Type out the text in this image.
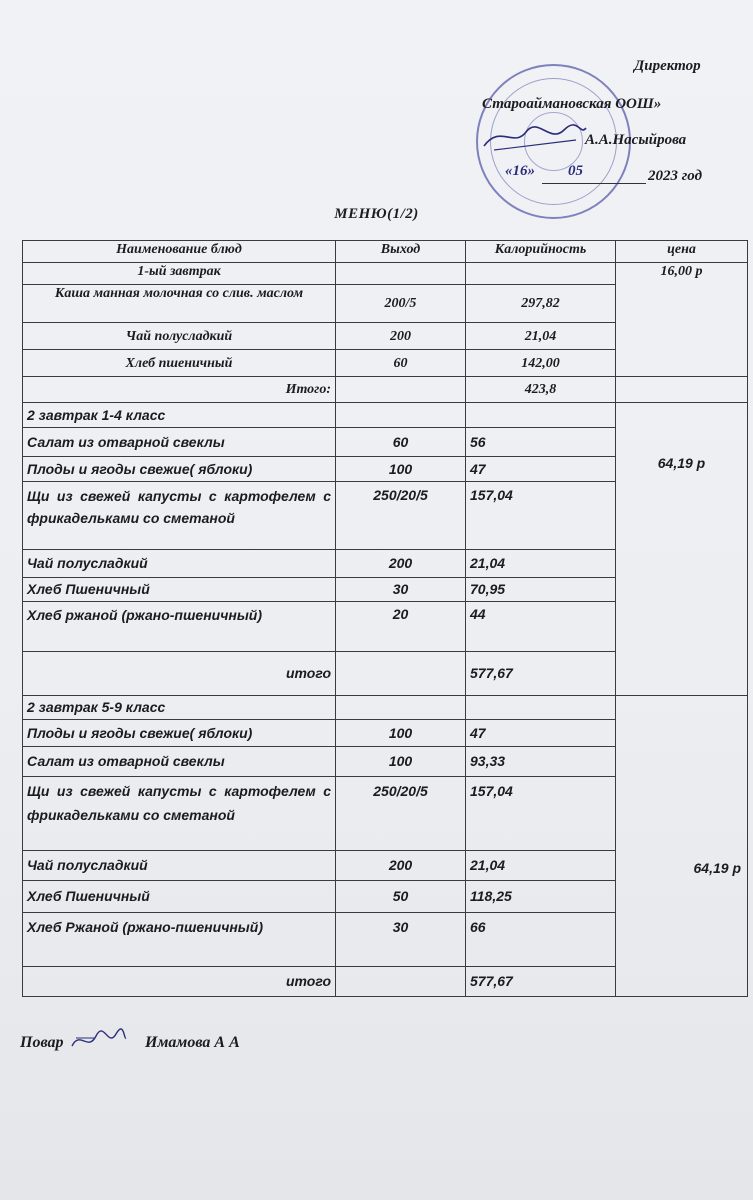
Директор
Староаймановская ООШ»
А.А.Насыйрова
2023 год
«16» 05
МЕНЮ(1/2)
Наименование блюд	Выход	Калорийность	цена
1-ый завтрак			16,00 р
Каша манная молочная со слив. маслом	200/5	297,82	
Чай полусладкий	200	21,04	
Хлеб пшеничный	60	142,00	
Итого:		423,8	
2 завтрак 1-4 класс			64,19 р
Салат из отварной свеклы	60	56	
Плоды и ягоды свежие( яблоки)	100	47	
Щи из свежей капусты с картофелем с фрикадельками со сметаной	250/20/5	157,04	
Чай полусладкий	200	21,04	
Хлеб Пшеничный	30	70,95	
Хлеб ржаной (ржано-пшеничный)	20	44	
итого		577,67	
2 завтрак 5-9 класс			64,19 р
Плоды и ягоды свежие( яблоки)	100	47	
Салат из отварной свеклы	100	93,33	
Щи из свежей капусты с картофелем с фрикадельками со сметаной	250/20/5	157,04	
Чай полусладкий	200	21,04	
Хлеб Пшеничный	50	118,25	
Хлеб Ржаной (ржано-пшеничный)	30	66	
итого		577,67	
Повар	Имамова А А
